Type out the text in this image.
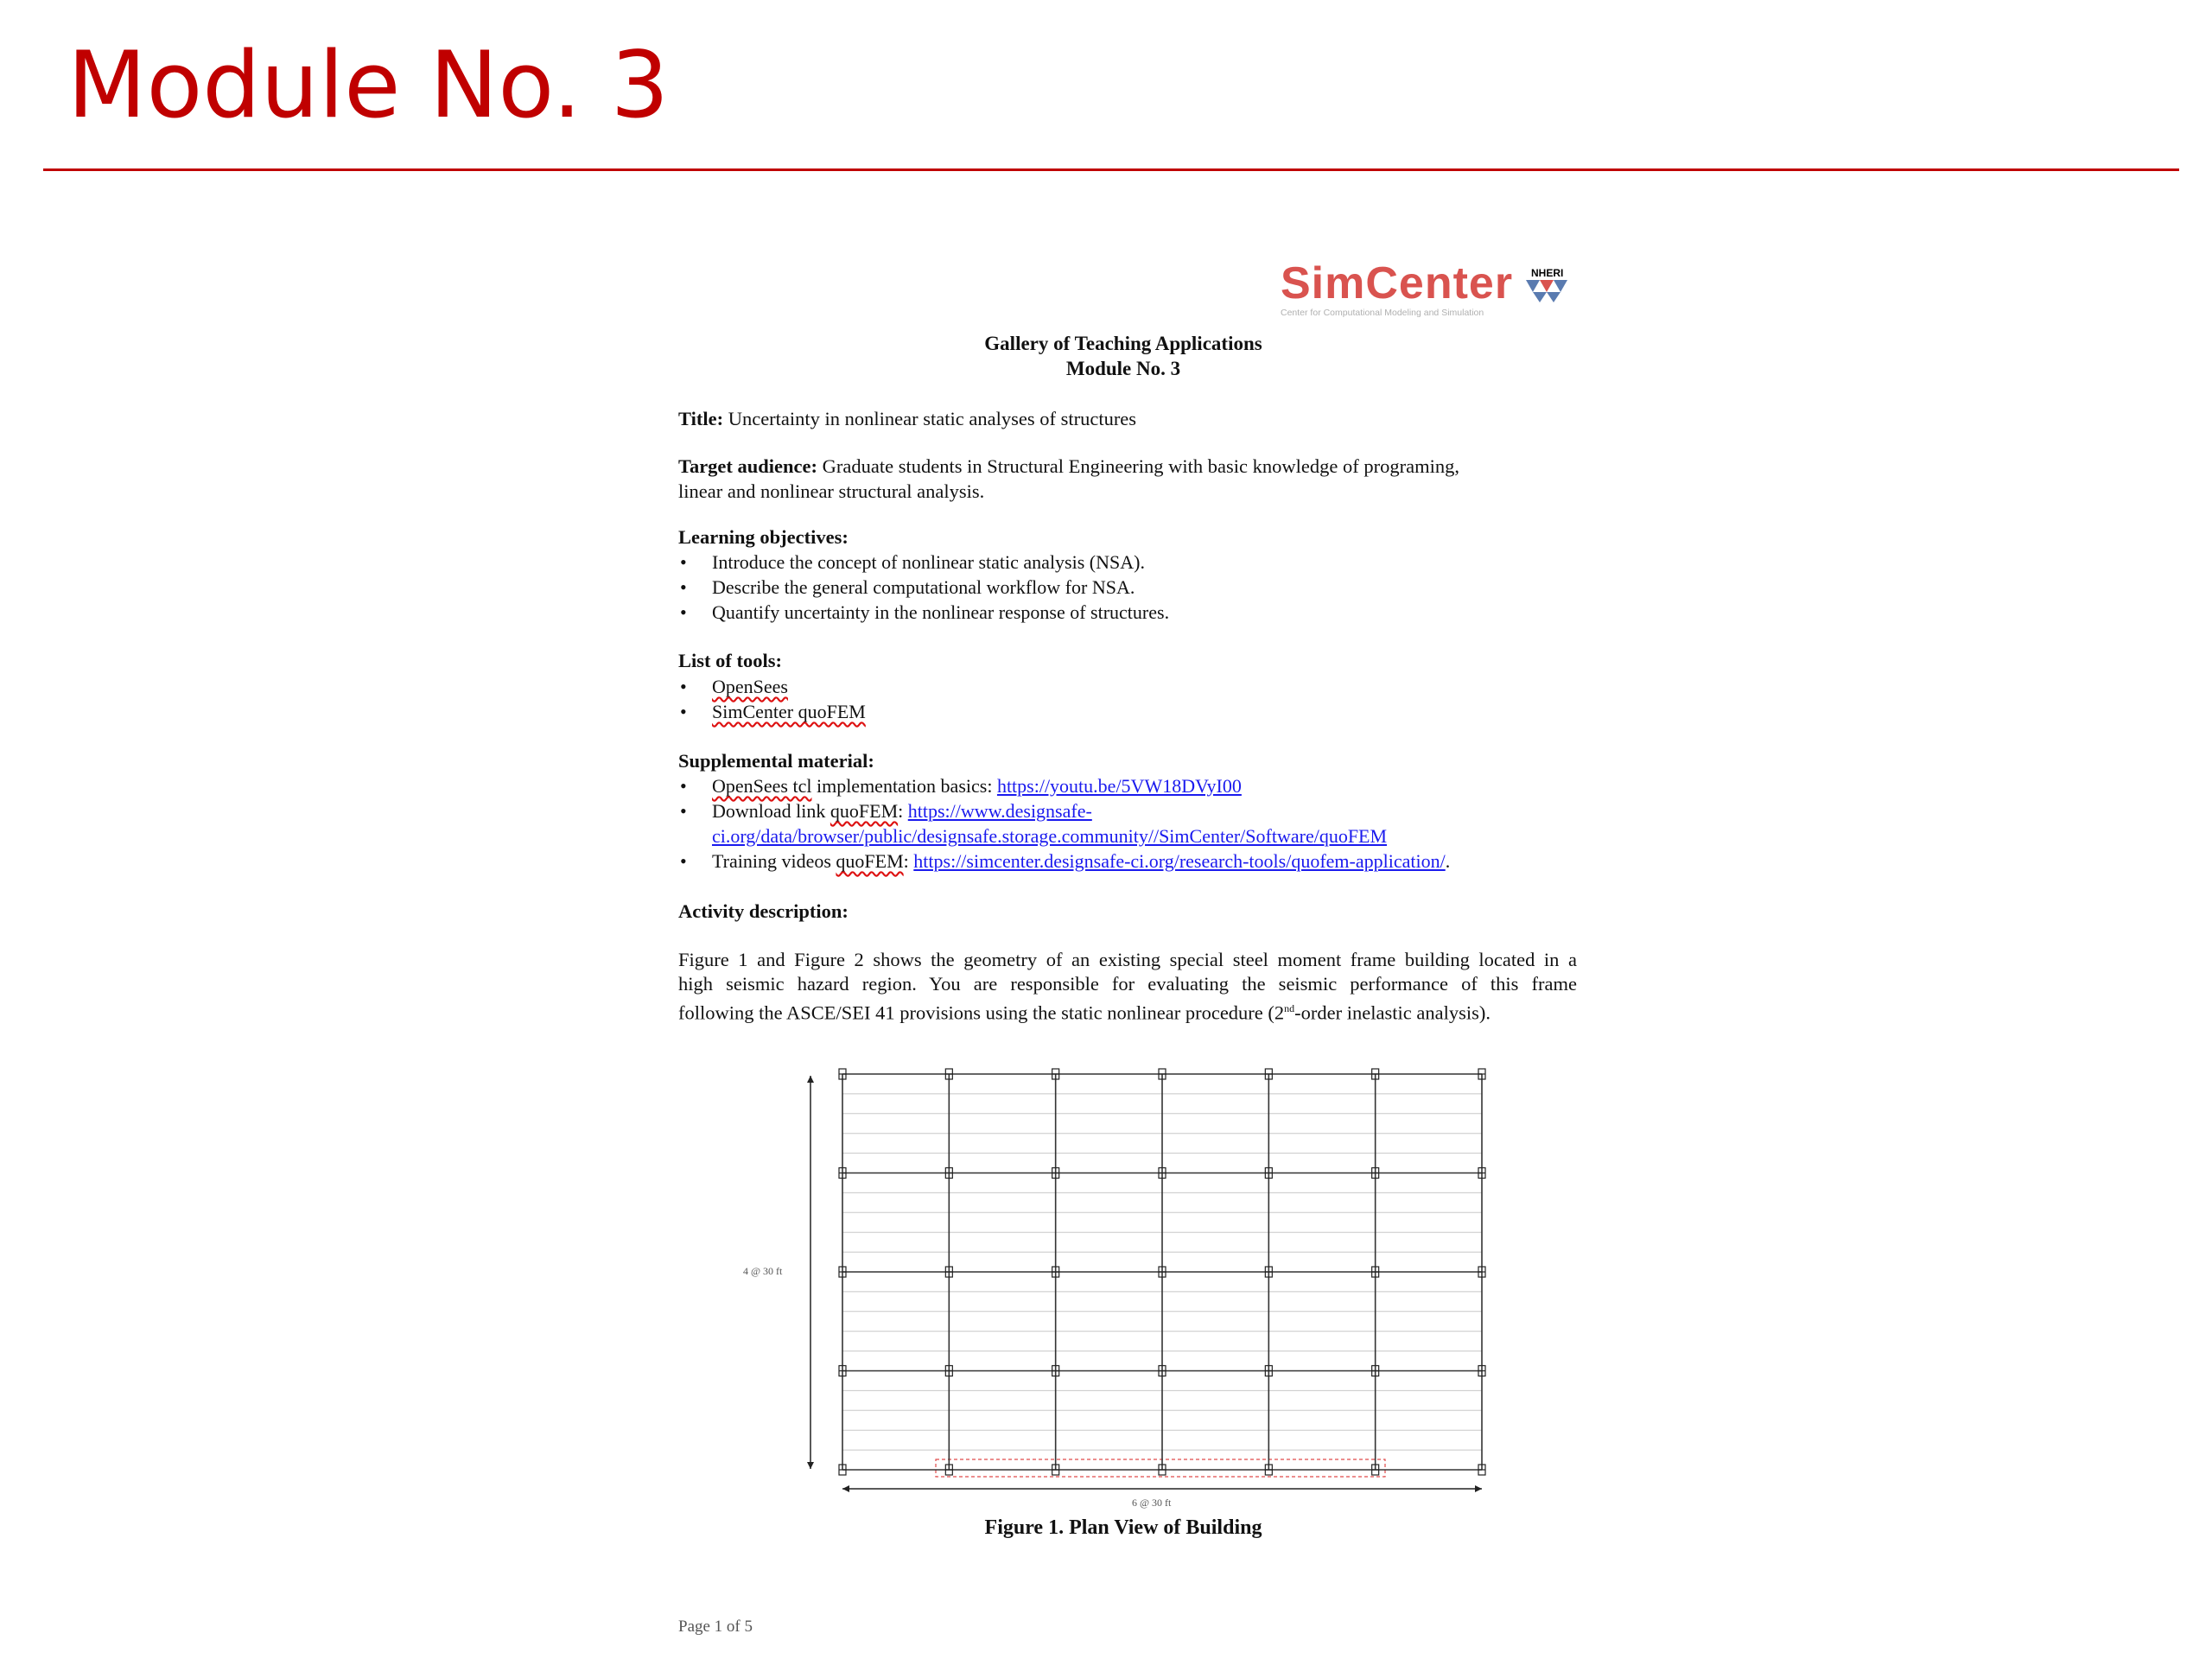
Module No. 3
SimCenter NHERI
Center for Computational Modeling and Simulation
Gallery of Teaching Applications
Module No. 3
Title: Uncertainty in nonlinear static analyses of structures
Target audience: Graduate students in Structural Engineering with basic knowledge of programing,
linear and nonlinear structural analysis.
Learning objectives:
• Introduce the concept of nonlinear static analysis (NSA).
• Describe the general computational workflow for NSA.
• Quantify uncertainty in the nonlinear response of structures.
List of tools:
• OpenSees
• SimCenter quoFEM
Supplemental material:
• OpenSees tcl implementation basics: https://youtu.be/5VW18DVyI00
• Download link quoFEM: https://www.designsafe-
ci.org/data/browser/public/designsafe.storage.community//SimCenter/Software/quoFEM
• Training videos quoFEM: https://simcenter.designsafe-ci.org/research-tools/quofem-application/.
Activity description:
Figure 1 and Figure 2 shows the geometry of an existing special steel moment frame building located in a
high seismic hazard region. You are responsible for evaluating the seismic performance of this frame
following the ASCE/SEI 41 provisions using the static nonlinear procedure (2nd-order inelastic analysis).
4 @ 30 ft
6 @ 30 ft
Figure 1. Plan View of Building
Page 1 of 5
